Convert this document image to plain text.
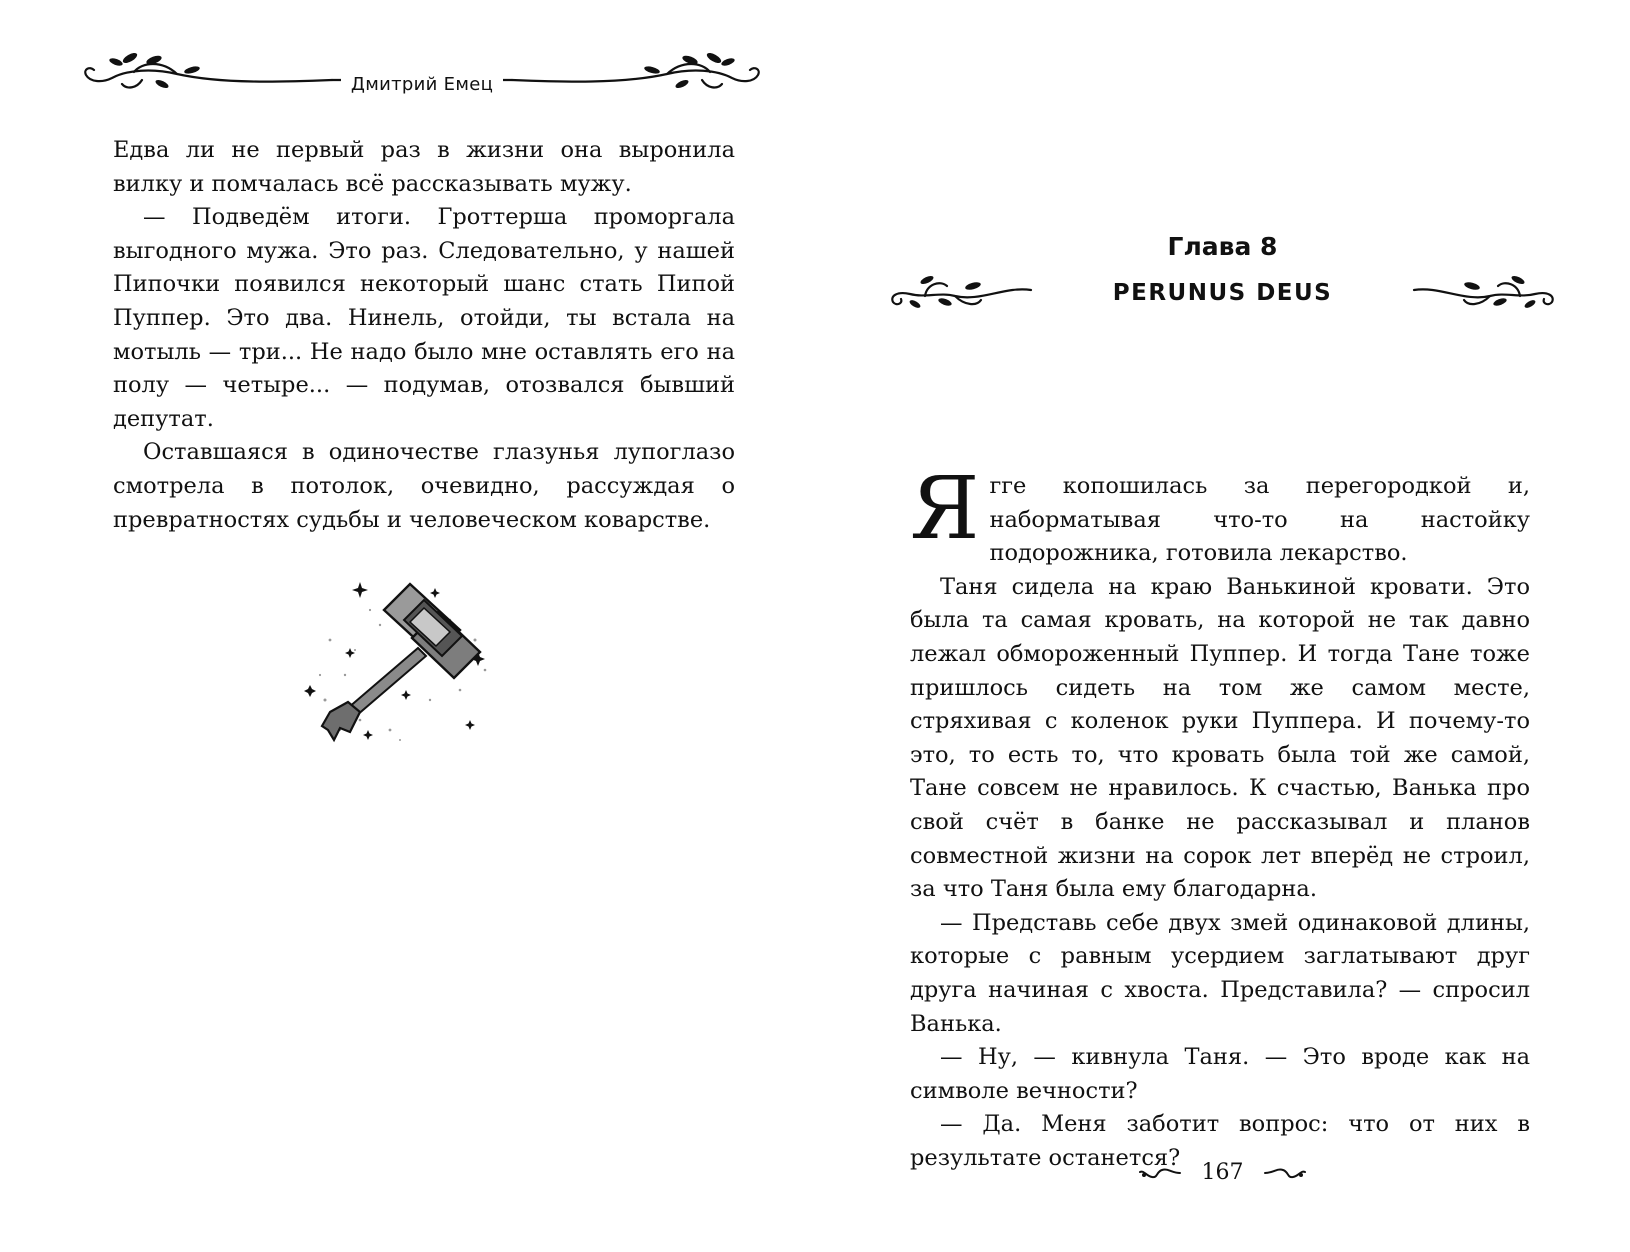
Дмитрий Емец

Едва ли не первый раз в жизни она выронила вилку и помчалась всё рассказывать мужу.

— Подведём итоги. Гроттерша проморгала выгодного мужа. Это раз. Следовательно, у нашей Пипочки появился некоторый шанс стать Пипой Пуппер. Это два. Нинель, отойди, ты встала на мотыль — три... Не надо было мне оставлять его на полу — четыре... — подумав, отозвался бывший депутат.

Оставшаяся в одиночестве глазунья лупоглазо смотрела в потолок, очевидно, рассуждая о превратностях судьбы и человеческом коварстве.

Глава 8
PERUNUS DEUS

Ягге копошилась за перегородкой и, наборматывая что-то на настойку подорожника, готовила лекарство.

Таня сидела на краю Ванькиной кровати. Это была та самая кровать, на которой не так давно лежал обмороженный Пуппер. И тогда Тане тоже пришлось сидеть на том же самом месте, стряхивая с коленок руки Пуппера. И почему-то это, то есть то, что кровать была той же самой, Тане совсем не нравилось. К счастью, Ванька про свой счёт в банке не рассказывал и планов совместной жизни на сорок лет вперёд не строил, за что Таня была ему благодарна.

— Представь себе двух змей одинаковой длины, которые с равным усердием заглатывают друг друга начиная с хвоста. Представила? — спросил Ванька.

— Ну, — кивнула Таня. — Это вроде как на символе вечности?

— Да. Меня заботит вопрос: что от них в результате останется?

167
